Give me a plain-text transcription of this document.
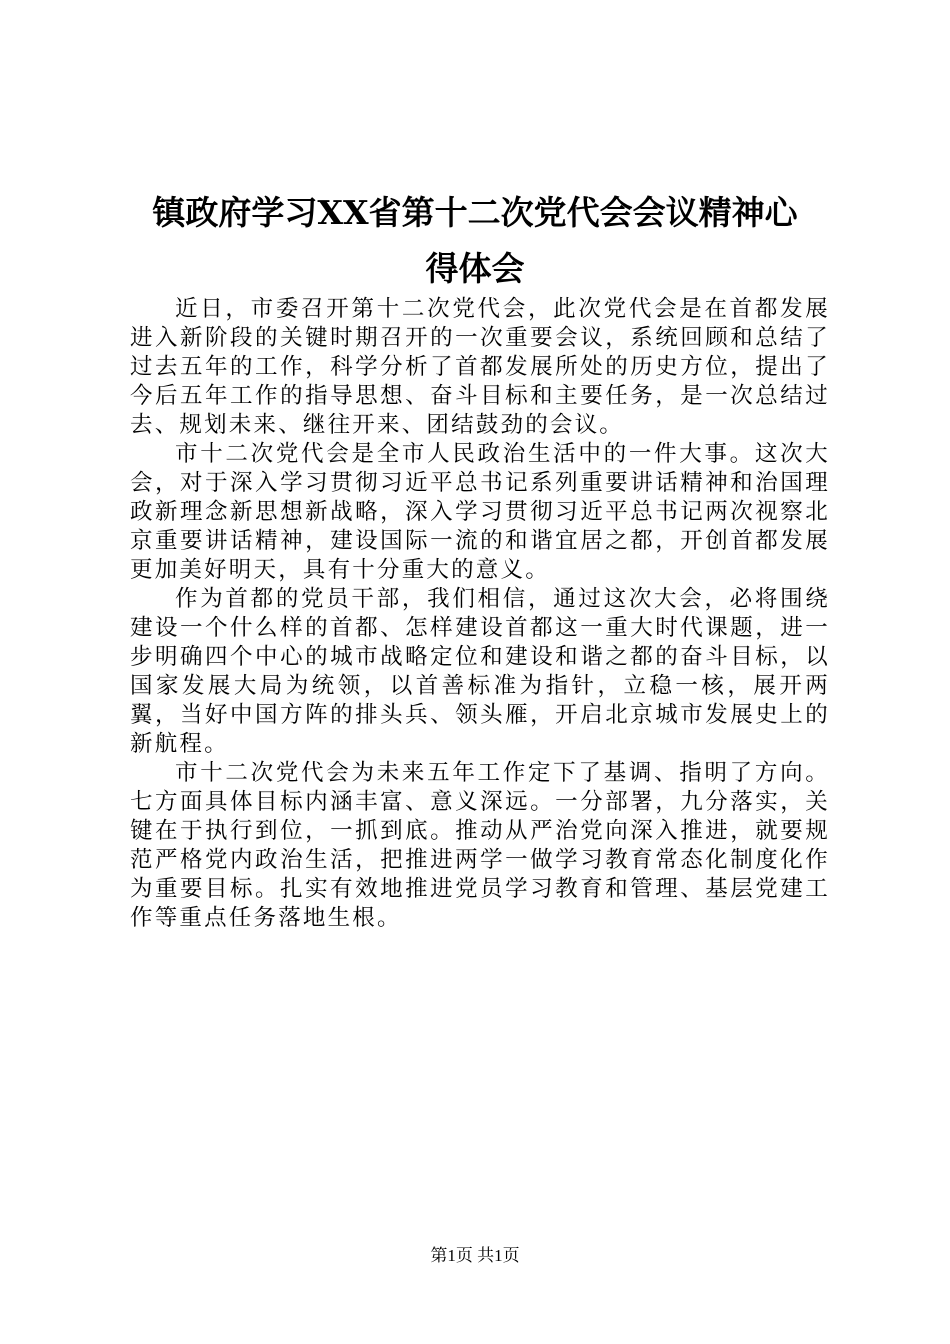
镇政府学习XX省第十二次党代会会议精神心
得体会

近日，市委召开第十二次党代会，此次党代会是在首都发展进入新阶段的关键时期召开的一次重要会议，系统回顾和总结了过去五年的工作，科学分析了首都发展所处的历史方位，提出了今后五年工作的指导思想、奋斗目标和主要任务，是一次总结过去、规划未来、继往开来、团结鼓劲的会议。

市十二次党代会是全市人民政治生活中的一件大事。这次大会，对于深入学习贯彻习近平总书记系列重要讲话精神和治国理政新理念新思想新战略，深入学习贯彻习近平总书记两次视察北京重要讲话精神，建设国际一流的和谐宜居之都，开创首都发展更加美好明天，具有十分重大的意义。

作为首都的党员干部，我们相信，通过这次大会，必将围绕建设一个什么样的首都、怎样建设首都这一重大时代课题，进一步明确四个中心的城市战略定位和建设和谐之都的奋斗目标，以国家发展大局为统领，以首善标准为指针，立稳一核，展开两翼，当好中国方阵的排头兵、领头雁，开启北京城市发展史上的新航程。

市十二次党代会为未来五年工作定下了基调、指明了方向。七方面具体目标内涵丰富、意义深远。一分部署，九分落实，关键在于执行到位，一抓到底。推动从严治党向深入推进，就要规范严格党内政治生活，把推进两学一做学习教育常态化制度化作为重要目标。扎实有效地推进党员学习教育和管理、基层党建工作等重点任务落地生根。

第1页 共1页
